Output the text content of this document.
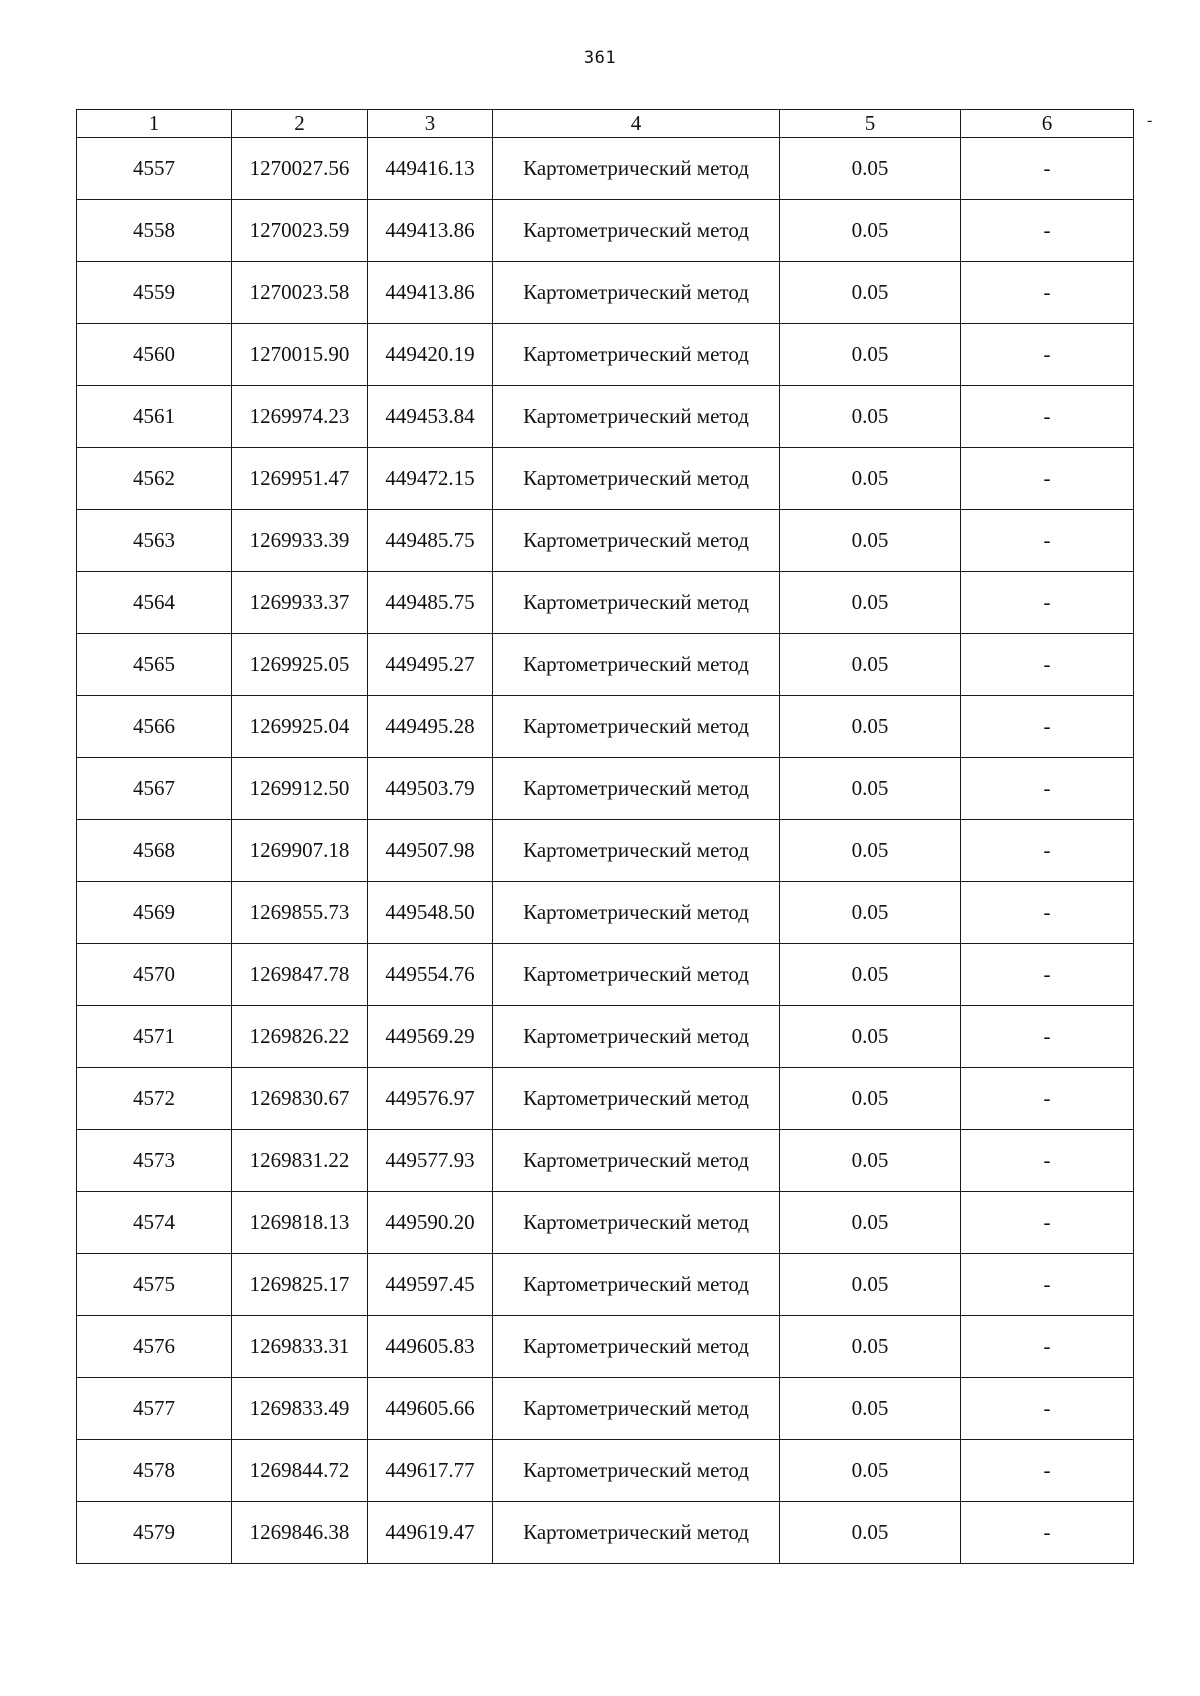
361
-
1	2	3	4	5	6
4557	1270027.56	449416.13	Картометрический метод	0.05	-
4558	1270023.59	449413.86	Картометрический метод	0.05	-
4559	1270023.58	449413.86	Картометрический метод	0.05	-
4560	1270015.90	449420.19	Картометрический метод	0.05	-
4561	1269974.23	449453.84	Картометрический метод	0.05	-
4562	1269951.47	449472.15	Картометрический метод	0.05	-
4563	1269933.39	449485.75	Картометрический метод	0.05	-
4564	1269933.37	449485.75	Картометрический метод	0.05	-
4565	1269925.05	449495.27	Картометрический метод	0.05	-
4566	1269925.04	449495.28	Картометрический метод	0.05	-
4567	1269912.50	449503.79	Картометрический метод	0.05	-
4568	1269907.18	449507.98	Картометрический метод	0.05	-
4569	1269855.73	449548.50	Картометрический метод	0.05	-
4570	1269847.78	449554.76	Картометрический метод	0.05	-
4571	1269826.22	449569.29	Картометрический метод	0.05	-
4572	1269830.67	449576.97	Картометрический метод	0.05	-
4573	1269831.22	449577.93	Картометрический метод	0.05	-
4574	1269818.13	449590.20	Картометрический метод	0.05	-
4575	1269825.17	449597.45	Картометрический метод	0.05	-
4576	1269833.31	449605.83	Картометрический метод	0.05	-
4577	1269833.49	449605.66	Картометрический метод	0.05	-
4578	1269844.72	449617.77	Картометрический метод	0.05	-
4579	1269846.38	449619.47	Картометрический метод	0.05	-
